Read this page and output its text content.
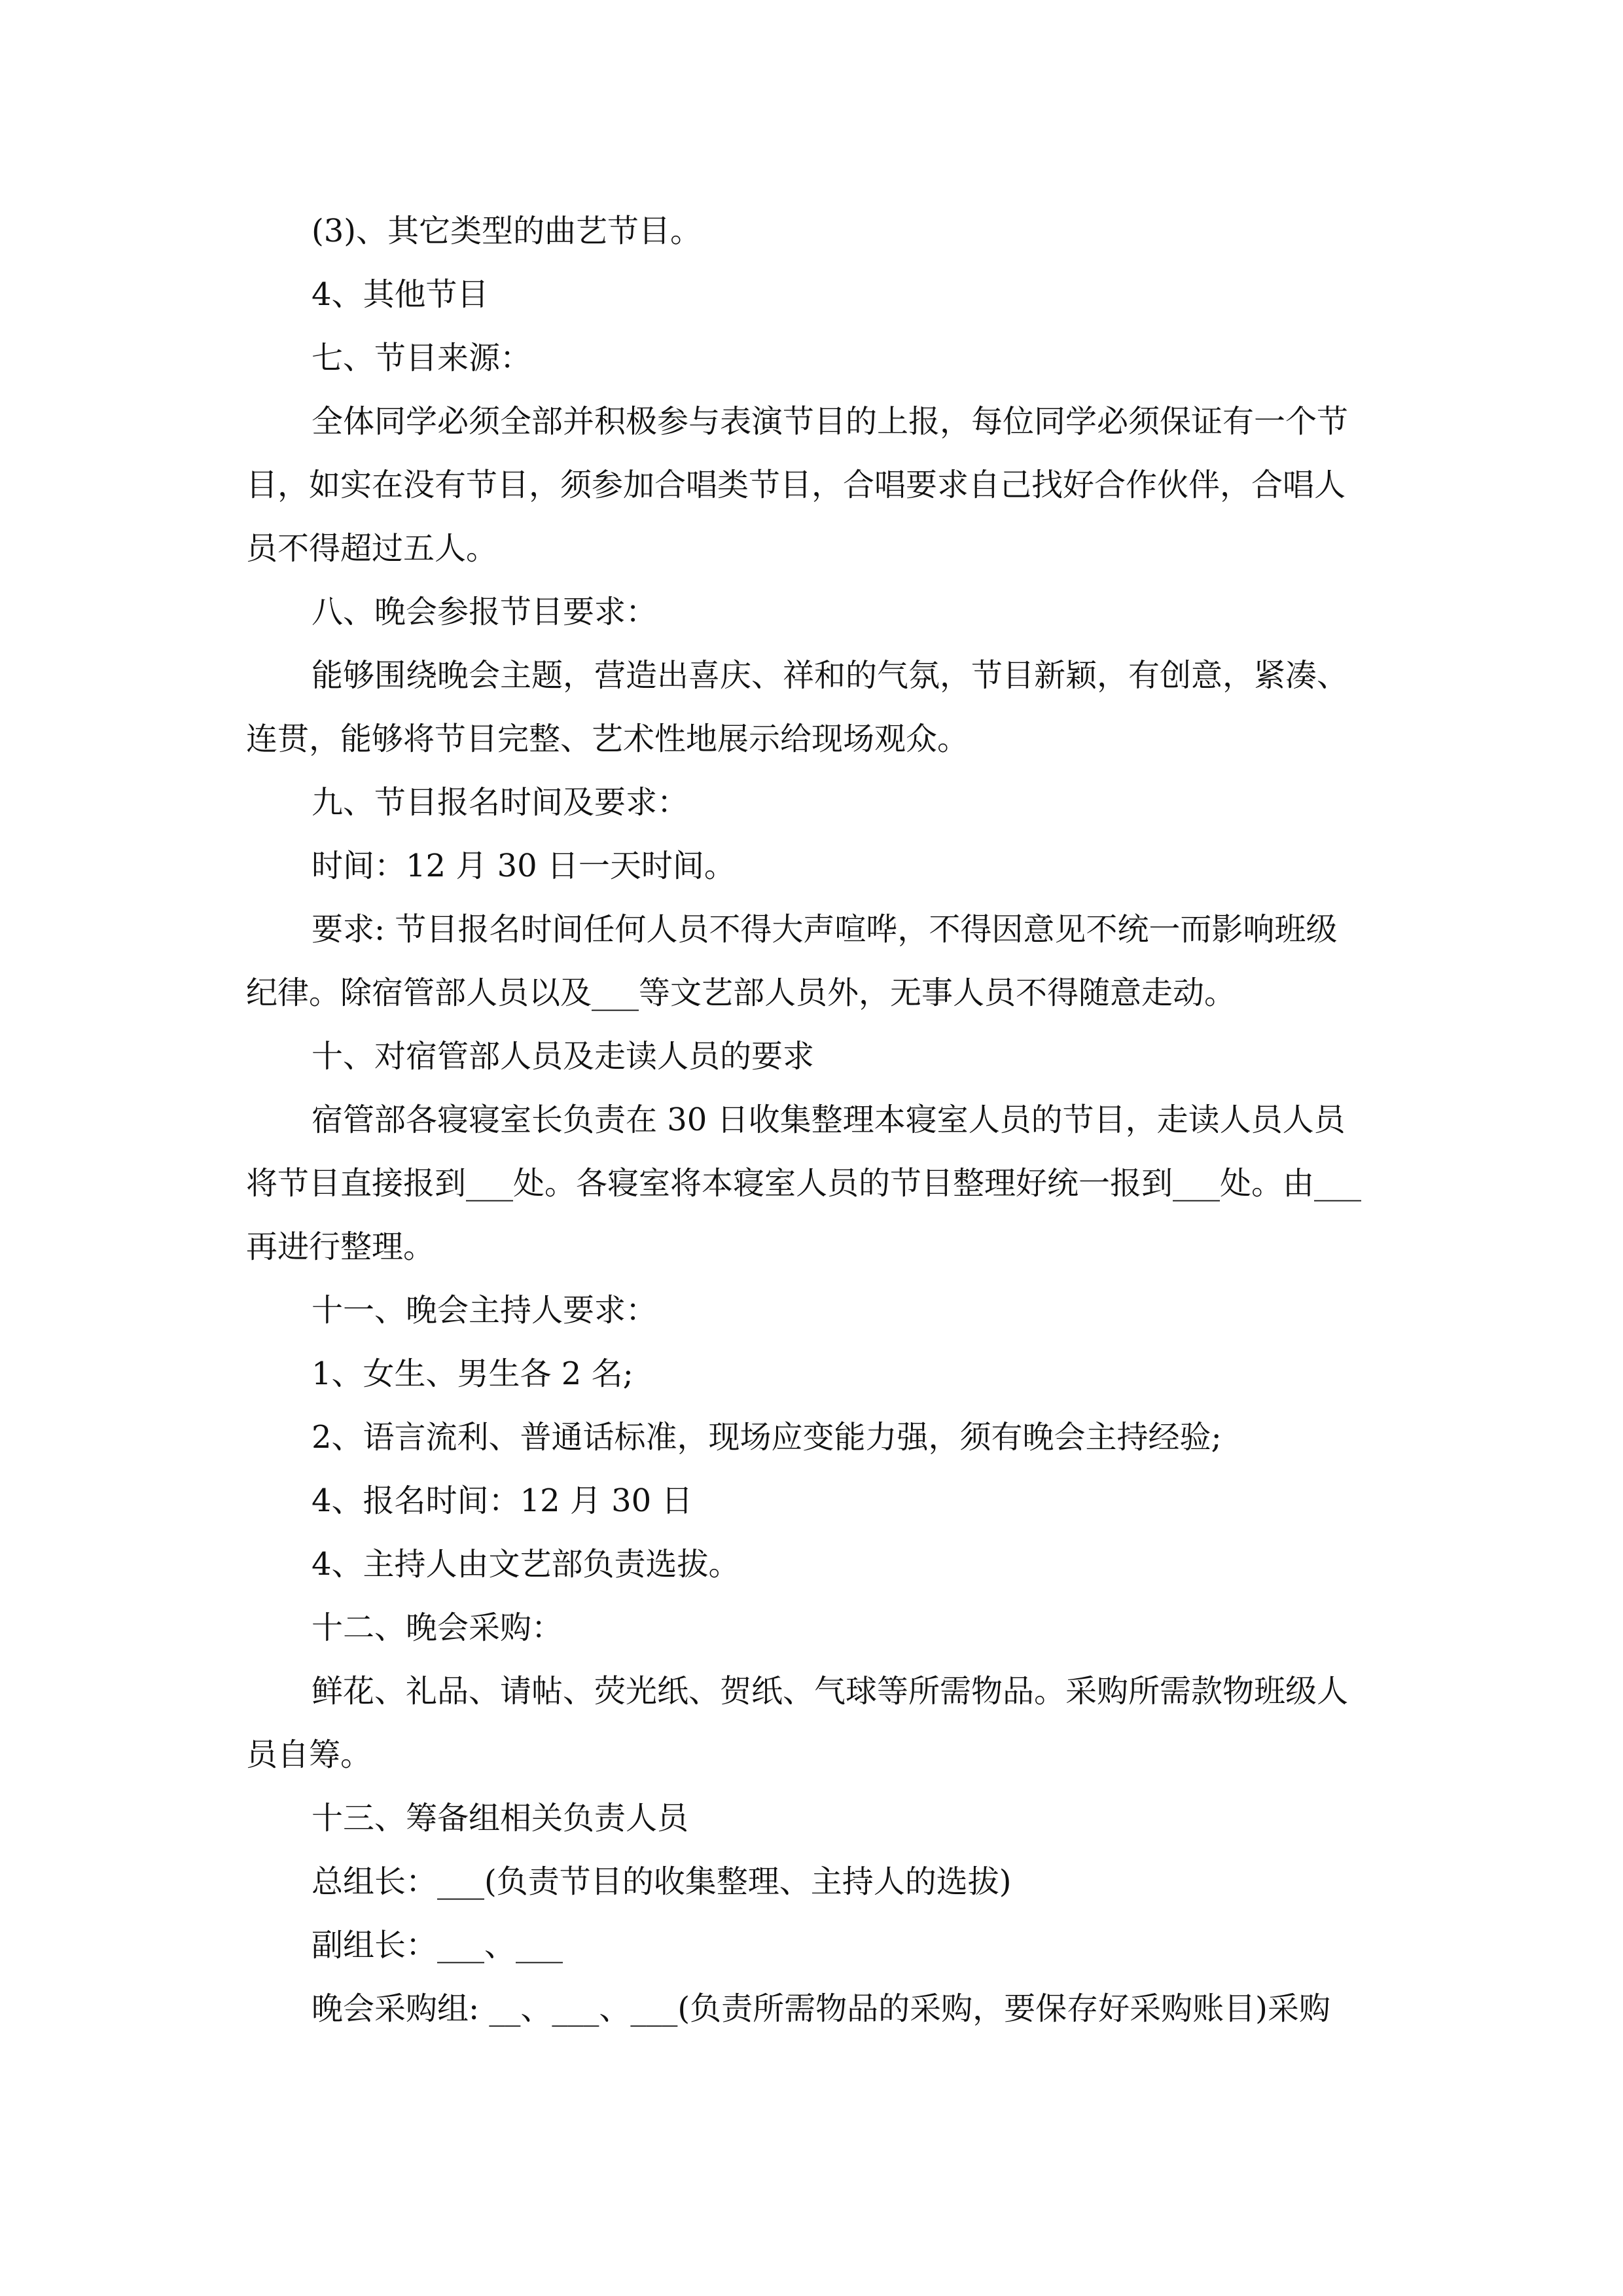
(3)、其它类型的曲艺节目。
4、其他节目
七、节目来源：
全体同学必须全部并积极参与表演节目的上报，每位同学必须保证有一个节
目，如实在没有节目，须参加合唱类节目，合唱要求自己找好合作伙伴，合唱人
员不得超过五人。
八、晚会参报节目要求：
能够围绕晚会主题，营造出喜庆、祥和的气氛，节目新颖，有创意，紧凑、
连贯，能够将节目完整、艺术性地展示给现场观众。
九、节目报名时间及要求：
时间：12 月 30 日一天时间。
要求: 节目报名时间任何人员不得大声喧哗，不得因意见不统一而影响班级
纪律。除宿管部人员以及___等文艺部人员外，无事人员不得随意走动。
十、对宿管部人员及走读人员的要求
宿管部各寝寝室长负责在 30 日收集整理本寝室人员的节目，走读人员人员
将节目直接报到___处。各寝室将本寝室人员的节目整理好统一报到___处。由___
再进行整理。
十一、晚会主持人要求：
1、女生、男生各 2 名;
2、语言流利、普通话标准，现场应变能力强，须有晚会主持经验;
4、报名时间：12 月 30 日
4、主持人由文艺部负责选拔。
十二、晚会采购：
鲜花、礼品、请帖、荧光纸、贺纸、气球等所需物品。采购所需款物班级人
员自筹。
十三、筹备组相关负责人员
总组长：___(负责节目的收集整理、主持人的选拔)
副组长：___、___
晚会采购组: __、___、___(负责所需物品的采购，要保存好采购账目)采购
